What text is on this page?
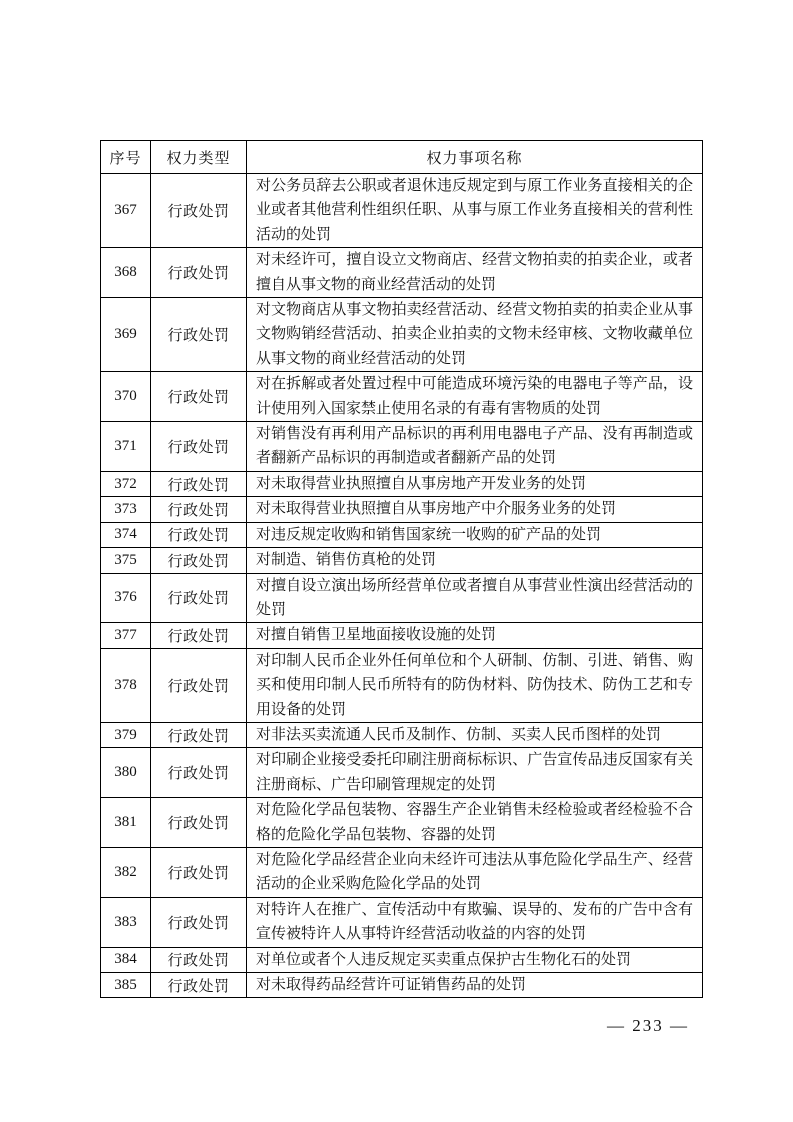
序号	权力类型	权力事项名称
367	行政处罚	对公务员辞去公职或者退休违反规定到与原工作业务直接相关的企业或者其他营利性组织任职、从事与原工作业务直接相关的营利性活动的处罚
368	行政处罚	对未经许可，擅自设立文物商店、经营文物拍卖的拍卖企业，或者擅自从事文物的商业经营活动的处罚
369	行政处罚	对文物商店从事文物拍卖经营活动、经营文物拍卖的拍卖企业从事文物购销经营活动、拍卖企业拍卖的文物未经审核、文物收藏单位从事文物的商业经营活动的处罚
370	行政处罚	对在拆解或者处置过程中可能造成环境污染的电器电子等产品，设计使用列入国家禁止使用名录的有毒有害物质的处罚
371	行政处罚	对销售没有再利用产品标识的再利用电器电子产品、没有再制造或者翻新产品标识的再制造或者翻新产品的处罚
372	行政处罚	对未取得营业执照擅自从事房地产开发业务的处罚
373	行政处罚	对未取得营业执照擅自从事房地产中介服务业务的处罚
374	行政处罚	对违反规定收购和销售国家统一收购的矿产品的处罚
375	行政处罚	对制造、销售仿真枪的处罚
376	行政处罚	对擅自设立演出场所经营单位或者擅自从事营业性演出经营活动的处罚
377	行政处罚	对擅自销售卫星地面接收设施的处罚
378	行政处罚	对印制人民币企业外任何单位和个人研制、仿制、引进、销售、购买和使用印制人民币所特有的防伪材料、防伪技术、防伪工艺和专用设备的处罚
379	行政处罚	对非法买卖流通人民币及制作、仿制、买卖人民币图样的处罚
380	行政处罚	对印刷企业接受委托印刷注册商标标识、广告宣传品违反国家有关注册商标、广告印刷管理规定的处罚
381	行政处罚	对危险化学品包装物、容器生产企业销售未经检验或者经检验不合格的危险化学品包装物、容器的处罚
382	行政处罚	对危险化学品经营企业向未经许可违法从事危险化学品生产、经营活动的企业采购危险化学品的处罚
383	行政处罚	对特许人在推广、宣传活动中有欺骗、误导的、发布的广告中含有宣传被特许人从事特许经营活动收益的内容的处罚
384	行政处罚	对单位或者个人违反规定买卖重点保护古生物化石的处罚
385	行政处罚	对未取得药品经营许可证销售药品的处罚
— 233 —
